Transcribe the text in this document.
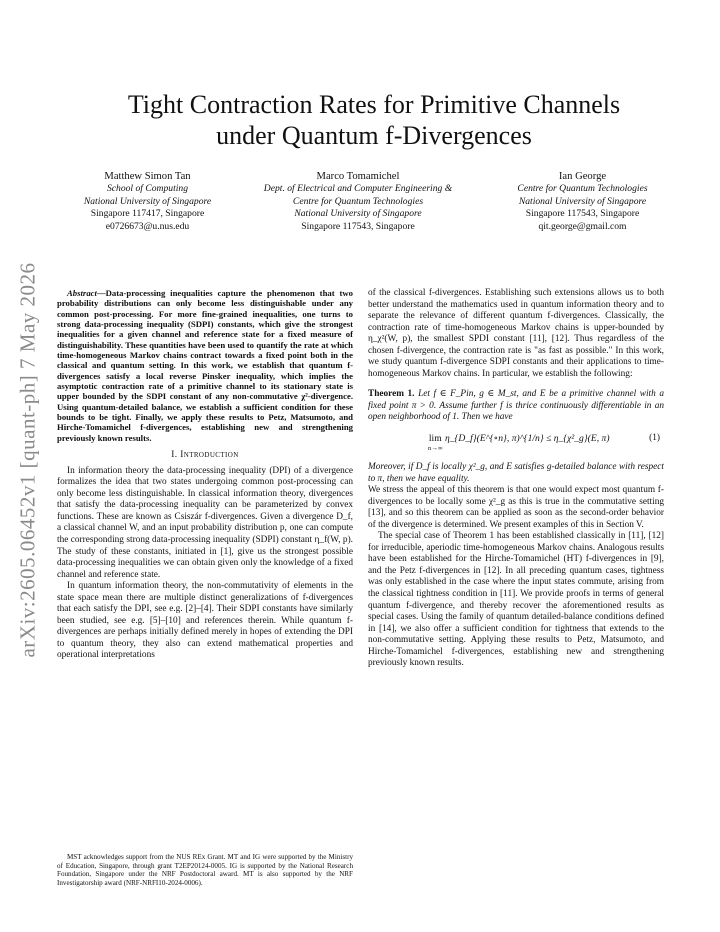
arXiv:2605.06452v1 [quant-ph] 7 May 2026
Tight Contraction Rates for Primitive Channels
under Quantum f-Divergences
Matthew Simon Tan
School of Computing
National University of Singapore
Singapore 117417, Singapore
e0726673@u.nus.edu
Marco Tomamichel
Dept. of Electrical and Computer Engineering &
Centre for Quantum Technologies
National University of Singapore
Singapore 117543, Singapore
Ian George
Centre for Quantum Technologies
National University of Singapore
Singapore 117543, Singapore
qit.george@gmail.com

Abstract—Data-processing inequalities capture the phenomenon that two probability distributions can only become less distinguishable under any common post-processing. For more fine-grained inequalities, one turns to strong data-processing inequality (SDPI) constants, which give the strongest inequalities for a given channel and reference state for a fixed measure of distinguishability. These quantities have been used to quantify the rate at which time-homogeneous Markov chains contract towards a fixed point both in the classical and quantum setting. In this work, we establish that quantum f-divergences satisfy a local reverse Pinsker inequality, which implies the asymptotic contraction rate of a primitive channel to its stationary state is upper bounded by the SDPI constant of any non-commutative χ²-divergence. Using quantum-detailed balance, we establish a sufficient condition for these bounds to be tight. Finally, we apply these results to Petz, Matsumoto, and Hirche-Tomamichel f-divergences, establishing new and strengthening previously known results.

I. Introduction

In information theory the data-processing inequality (DPI) of a divergence formalizes the idea that two states undergoing common post-processing can only become less distinguishable. In classical information theory, divergences that satisfy the data-processing inequality can be parameterized by convex functions. These are known as Csiszár f-divergences. Given a divergence D_f, a classical channel W, and an input probability distribution p, one can compute the corresponding strong data-processing inequality (SDPI) constant η_f(W, p). The study of these constants, initiated in [1], give us the strongest possible data-processing inequalities we can obtain given only the knowledge of a fixed channel and reference state.

In quantum information theory, the non-commutativity of elements in the state space mean there are multiple distinct generalizations of f-divergences that each satisfy the DPI, see e.g. [2]–[4]. Their SDPI constants have similarly been studied, see e.g. [5]–[10] and references therein. While quantum f-divergences are perhaps initially defined merely in hopes of extending the DPI to quantum theory, they also can extend mathematical properties and operational interpretations

MST acknowledges support from the NUS REx Grant. MT and IG were supported by the Ministry of Education, Singapore, through grant T2EP20124-0005. IG is supported by the National Research Foundation, Singapore under the NRF Postdoctoral award. MT is also supported by the NRF Investigatorship award (NRF-NRFI10-2024-0006).

of the classical f-divergences. Establishing such extensions allows us to both better understand the mathematics used in quantum information theory and to separate the relevance of different quantum f-divergences. Classically, the contraction rate of time-homogeneous Markov chains is upper-bounded by η_χ²(W, p), the smallest SPDI constant [11], [12]. Thus regardless of the chosen f-divergence, the contraction rate is "as fast as possible." In this work, we study quantum f-divergence SDPI constants and their applications to time-homogeneous Markov chains. In particular, we establish the following:

Theorem 1. Let f ∈ F_Pin, g ∈ M_st, and E be a primitive channel with a fixed point π > 0. Assume further f is thrice continuously differentiable in an open neighborhood of 1. Then we have

lim
n→∞
η_{D_f}(E^{∘n}, π)^{1/n} ≤ η_{χ²_g}(E, π)	(1)

Moreover, if D_f is locally χ²_g, and E satisfies g-detailed balance with respect to π, then we have equality.

We stress the appeal of this theorem is that one would expect most quantum f-divergences to be locally some χ²_g as this is true in the commutative setting [13], and so this theorem can be applied as soon as the second-order behavior of the divergence is determined. We present examples of this in Section V.

The special case of Theorem 1 has been established classically in [11], [12] for irreducible, aperiodic time-homogeneous Markov chains. Analogous results have been established for the Hirche-Tomamichel (HT) f-divergences in [9], and the Petz f-divergences in [12]. In all preceding quantum cases, tightness was only established in the case where the input states commute, arising from the classical tightness condition in [11]. We provide proofs in terms of general quantum f-divergence, and thereby recover the aforementioned results as special cases. Using the family of quantum detailed-balance conditions defined in [14], we also offer a sufficient condition for tightness that extends to the non-commutative setting. Applying these results to Petz, Matsumoto, and Hirche-Tomamichel f-divergences, establishing new and strengthening previously known results.
